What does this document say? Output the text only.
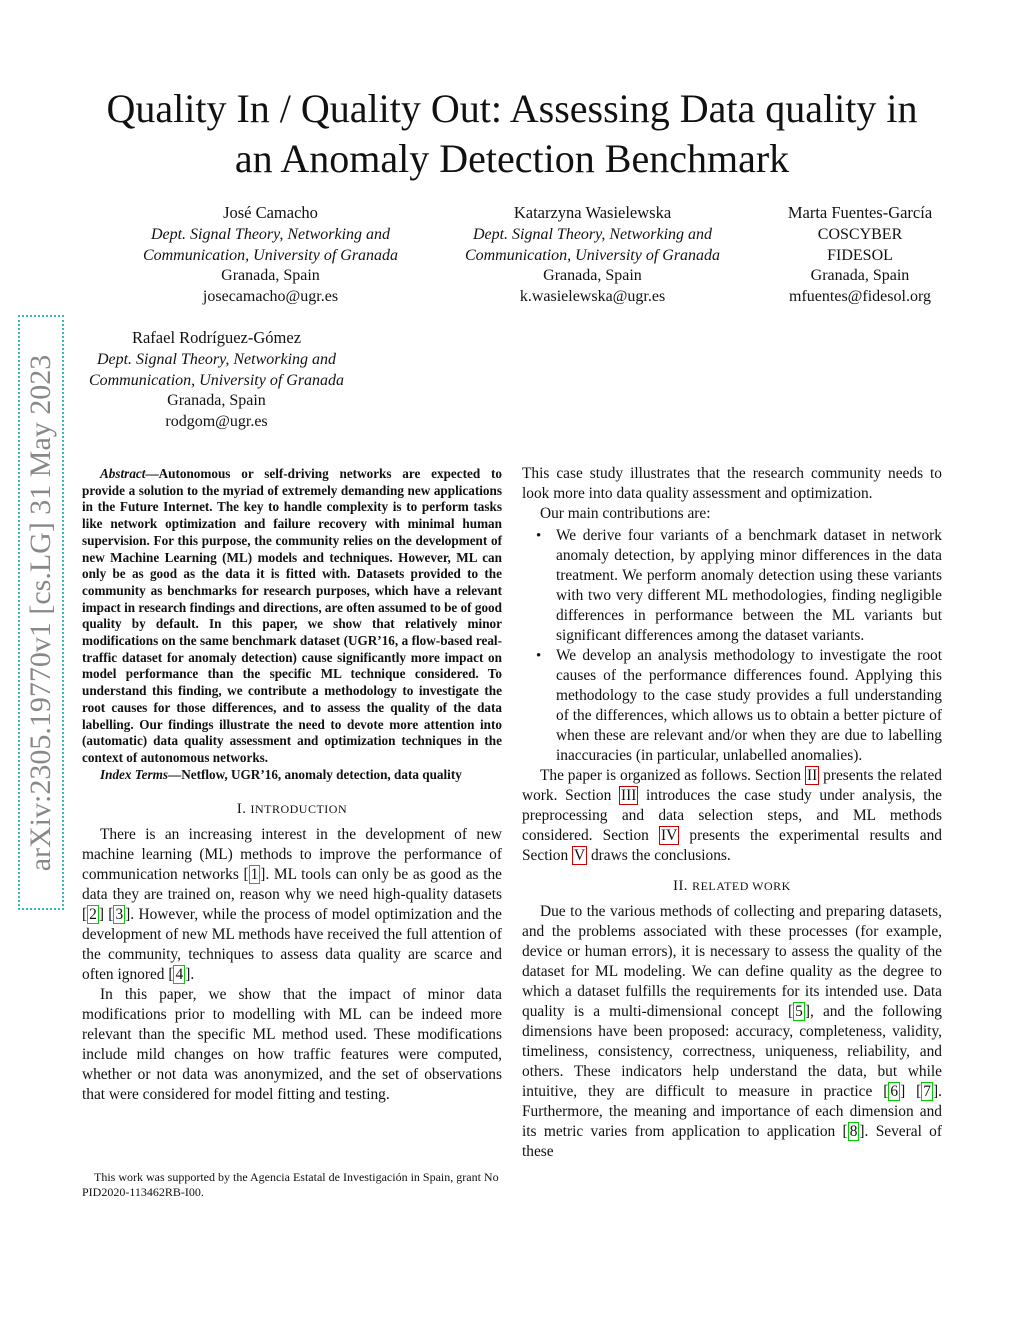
arXiv:2305.19770v1 [cs.LG] 31 May 2023
Quality In / Quality Out: Assessing Data quality in
an Anomaly Detection Benchmark
José Camacho
Dept. Signal Theory, Networking and
Communication, University of Granada
Granada, Spain
josecamacho@ugr.es
Katarzyna Wasielewska
Dept. Signal Theory, Networking and
Communication, University of Granada
Granada, Spain
k.wasielewska@ugr.es
Marta Fuentes-García
COSCYBER
FIDESOL
Granada, Spain
mfuentes@fidesol.org
Rafael Rodríguez-Gómez
Dept. Signal Theory, Networking and
Communication, University of Granada
Granada, Spain
rodgom@ugr.es

Abstract—Autonomous or self-driving networks are expected to provide a solution to the myriad of extremely demanding new applications in the Future Internet. The key to handle complexity is to perform tasks like network optimization and failure recovery with minimal human supervision. For this purpose, the community relies on the development of new Machine Learning (ML) models and techniques. However, ML can only be as good as the data it is fitted with. Datasets provided to the community as benchmarks for research purposes, which have a relevant impact in research findings and directions, are often assumed to be of good quality by default. In this paper, we show that relatively minor modifications on the same benchmark dataset (UGR’16, a flow-based real-traffic dataset for anomaly detection) cause significantly more impact on model performance than the specific ML technique considered. To understand this finding, we contribute a methodology to investigate the root causes for those differences, and to assess the quality of the data labelling. Our findings illustrate the need to devote more attention into (automatic) data quality assessment and optimization techniques in the context of autonomous networks.

Index Terms—Netflow, UGR’16, anomaly detection, data quality

I. INTRODUCTION

There is an increasing interest in the development of new machine learning (ML) methods to improve the performance of communication networks [ 1 ]. ML tools can only be as good as the data they are trained on, reason why we need high-quality datasets [ 2 ] [ 3 ]. However, while the process of model optimization and the development of new ML methods have received the full attention of the community, techniques to assess data quality are scarce and often ignored [ 4 ].

In this paper, we show that the impact of minor data modifications prior to modelling with ML can be indeed more relevant than the specific ML method used. These modifications include mild changes on how traffic features were computed, whether or not data was anonymized, and the set of observations that were considered for model fitting and testing.

This work was supported by the Agencia Estatal de Investigación in Spain, grant No PID2020-113462RB-I00.

This case study illustrates that the research community needs to look more into data quality assessment and optimization.

Our main contributions are:

• We derive four variants of a benchmark dataset in network anomaly detection, by applying minor differences in the data treatment. We perform anomaly detection using these variants with two very different ML methodologies, finding negligible differences in performance between the ML variants but significant differences among the dataset variants.
• We develop an analysis methodology to investigate the root causes of the performance differences found. Applying this methodology to the case study provides a full understanding of the differences, which allows us to obtain a better picture of when these are relevant and/or when they are due to labelling inaccuracies (in particular, unlabelled anomalies).

The paper is organized as follows. Section II presents the related work. Section III introduces the case study under analysis, the preprocessing and data selection steps, and ML methods considered. Section IV presents the experimental results and Section V draws the conclusions.

II. RELATED WORK

Due to the various methods of collecting and preparing datasets, and the problems associated with these processes (for example, device or human errors), it is necessary to assess the quality of the dataset for ML modeling. We can define quality as the degree to which a dataset fulfills the requirements for its intended use. Data quality is a multi-dimensional concept [ 5 ], and the following dimensions have been proposed: accuracy, completeness, validity, timeliness, consistency, correctness, uniqueness, reliability, and others. These indicators help understand the data, but while intuitive, they are difficult to measure in practice [ 6 ] [ 7 ]. Furthermore, the meaning and importance of each dimension and its metric varies from application to application [ 8 ]. Several of these
